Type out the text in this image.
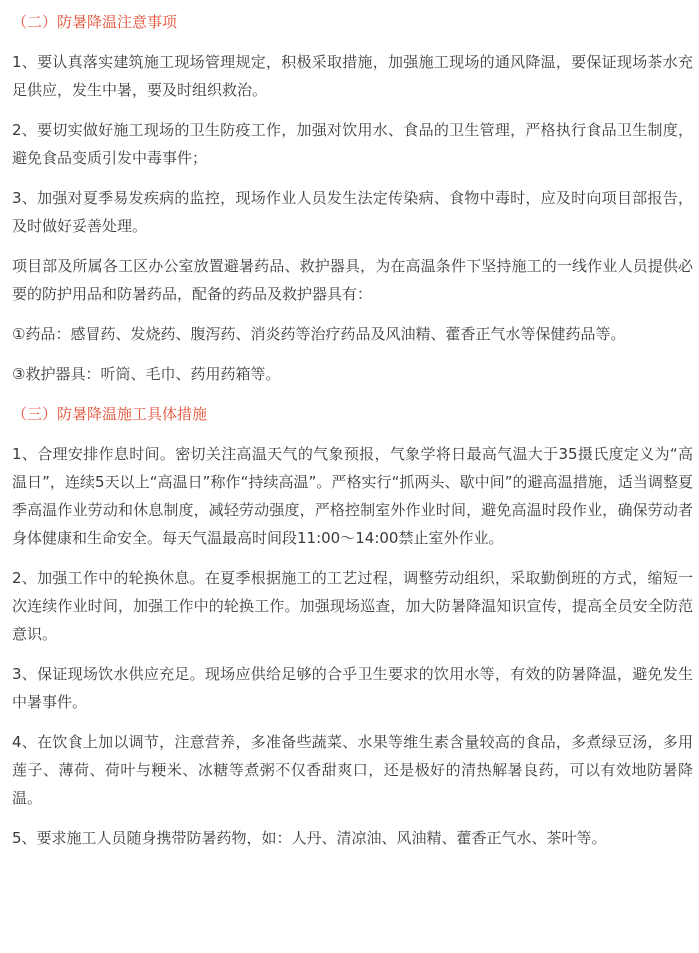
（二）防暑降温注意事项

1、要认真落实建筑施工现场管理规定，积极采取措施，加强施工现场的通风降温，要保证现场茶水充足供应，发生中暑，要及时组织救治。

2、要切实做好施工现场的卫生防疫工作，加强对饮用水、食品的卫生管理，严格执行食品卫生制度，避免食品变质引发中毒事件；

3、加强对夏季易发疾病的监控，现场作业人员发生法定传染病、食物中毒时，应及时向项目部报告，及时做好妥善处理。

项目部及所属各工区办公室放置避暑药品、救护器具，为在高温条件下坚持施工的一线作业人员提供必要的防护用品和防暑药品，配备的药品及救护器具有：

①药品：感冒药、发烧药、腹泻药、消炎药等治疗药品及风油精、藿香正气水等保健药品等。

③救护器具：听筒、毛巾、药用药箱等。

（三）防暑降温施工具体措施

1、合理安排作息时间。密切关注高温天气的气象预报，气象学将日最高气温大于35摄氏度定义为“高温日”，连续5天以上“高温日”称作“持续高温”。严格实行“抓两头、歇中间”的避高温措施，适当调整夏季高温作业劳动和休息制度，减轻劳动强度，严格控制室外作业时间，避免高温时段作业，确保劳动者身体健康和生命安全。每天气温最高时间段11:00～14:00禁止室外作业。

2、加强工作中的轮换休息。在夏季根据施工的工艺过程，调整劳动组织，采取勤倒班的方式，缩短一次连续作业时间，加强工作中的轮换工作。加强现场巡查，加大防暑降温知识宣传，提高全员安全防范意识。

3、保证现场饮水供应充足。现场应供给足够的合乎卫生要求的饮用水等，有效的防暑降温，避免发生中暑事件。

4、在饮食上加以调节，注意营养，多准备些蔬菜、水果等维生素含量较高的食品，多煮绿豆汤，多用莲子、薄荷、荷叶与粳米、冰糖等煮粥不仅香甜爽口，还是极好的清热解暑良药，可以有效地防暑降温。

5、要求施工人员随身携带防暑药物，如：人丹、清凉油、风油精、藿香正气水、茶叶等。
